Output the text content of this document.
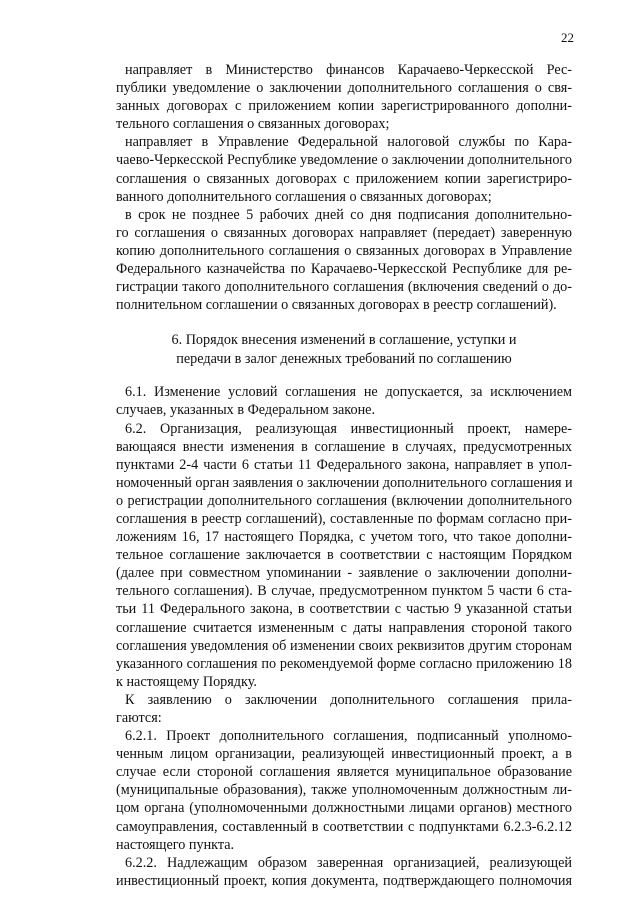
22
направляет в Министерство финансов Карачаево-Черкесской Рес-
публики уведомление о заключении дополнительного соглашения о свя-
занных договорах с приложением копии зарегистрированного дополни-
тельного соглашения о связанных договорах;
направляет в Управление Федеральной налоговой службы по Кара-
чаево-Черкесской Республике уведомление о заключении дополнительного
соглашения о связанных договорах с приложением копии зарегистриро-
ванного дополнительного соглашения о связанных договорах;
в срок не позднее 5 рабочих дней со дня подписания дополнительно-
го соглашения о связанных договорах направляет (передает) заверенную
копию дополнительного соглашения о связанных договорах в Управление
Федерального казначейства по Карачаево-Черкесской Республике для ре-
гистрации такого дополнительного соглашения (включения сведений о до-
полнительном соглашении о связанных договорах в реестр соглашений).
6. Порядок внесения изменений в соглашение, уступки и
передачи в залог денежных требований по соглашению
6.1. Изменение условий соглашения не допускается, за исключением
случаев, указанных в Федеральном законе.
6.2. Организация, реализующая инвестиционный проект, намере-
вающаяся внести изменения в соглашение в случаях, предусмотренных
пунктами 2-4 части 6 статьи 11 Федерального закона, направляет в упол-
номоченный орган заявления о заключении дополнительного соглашения и
о регистрации дополнительного соглашения (включении дополнительного
соглашения в реестр соглашений), составленные по формам согласно при-
ложениям 16, 17 настоящего Порядка, с учетом того, что такое дополни-
тельное соглашение заключается в соответствии с настоящим Порядком
(далее при совместном упоминании - заявление о заключении дополни-
тельного соглашения). В случае, предусмотренном пунктом 5 части 6 ста-
тьи 11 Федерального закона, в соответствии с частью 9 указанной статьи
соглашение считается измененным с даты направления стороной такого
соглашения уведомления об изменении своих реквизитов другим сторонам
указанного соглашения по рекомендуемой форме согласно приложению 18
к настоящему Порядку.
К заявлению о заключении дополнительного соглашения прила-
гаются:
6.2.1. Проект дополнительного соглашения, подписанный уполномо-
ченным лицом организации, реализующей инвестиционный проект, а в
случае если стороной соглашения является муниципальное образование
(муниципальные образования), также уполномоченным должностным ли-
цом органа (уполномоченными должностными лицами органов) местного
самоуправления, составленный в соответствии с подпунктами 6.2.3-6.2.12
настоящего пункта.
6.2.2. Надлежащим образом заверенная организацией, реализующей
инвестиционный проект, копия документа, подтверждающего полномочия
